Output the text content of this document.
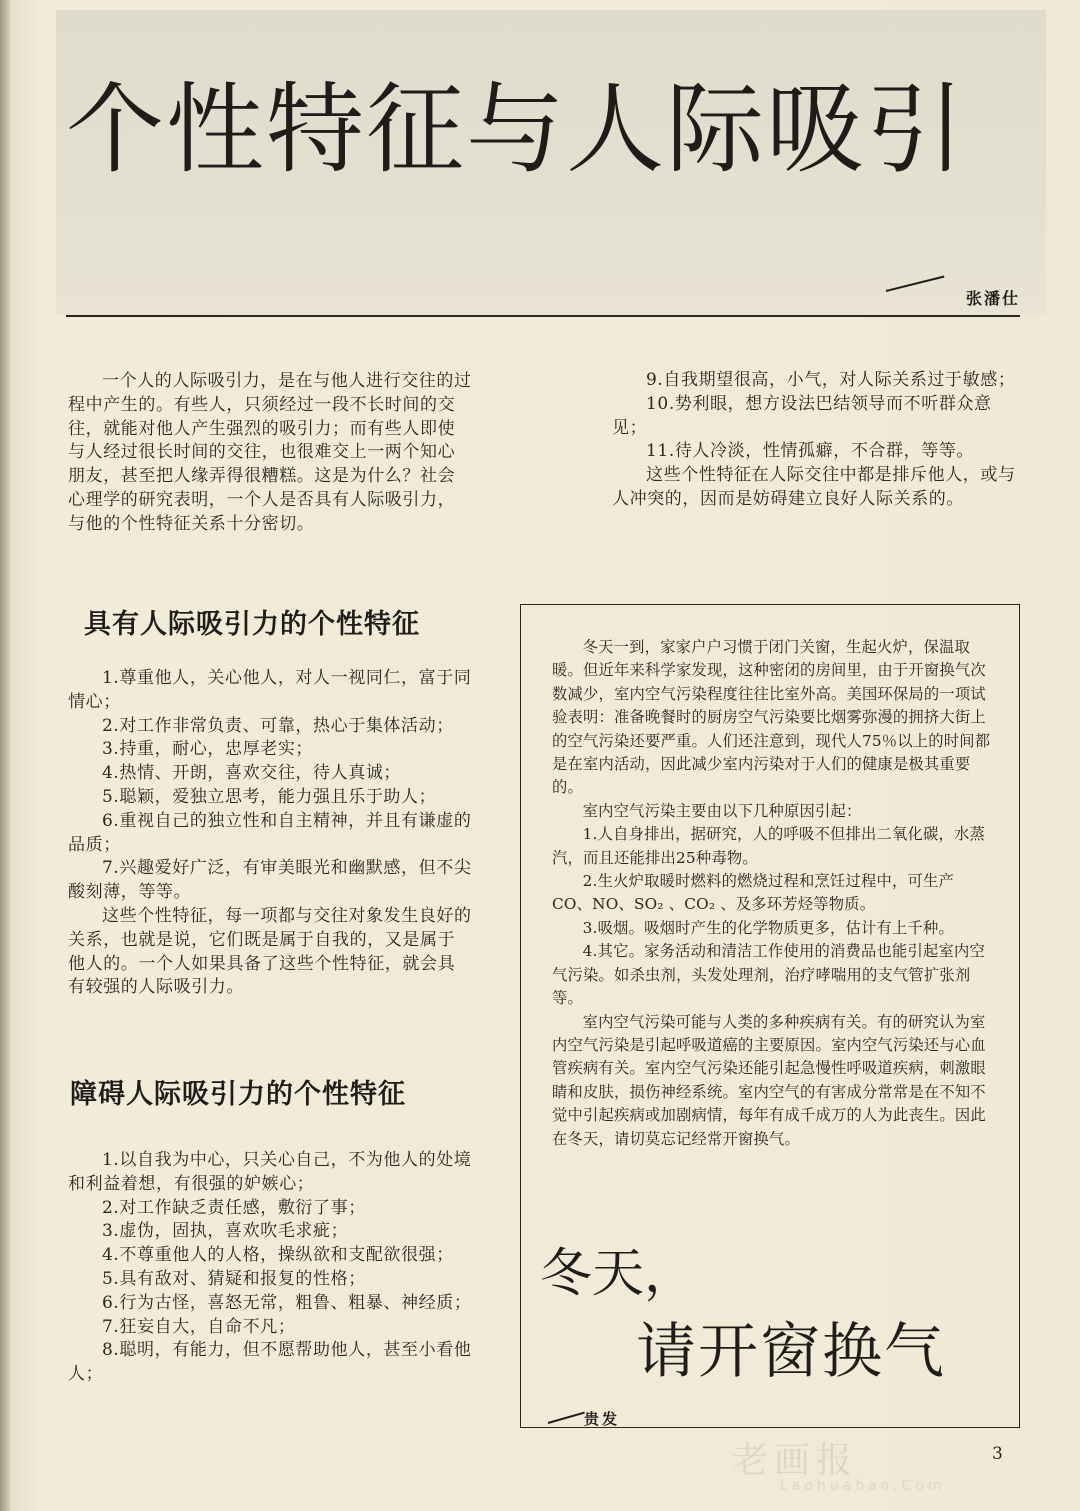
个性特征与人际吸引
张潘仕

一个人的人际吸引力，是在与他人进行交往的过程中产生的。有些人，只须经过一段不长时间的交往，就能对他人产生强烈的吸引力；而有些人即使与人经过很长时间的交往，也很难交上一两个知心朋友，甚至把人缘弄得很糟糕。这是为什么？社会心理学的研究表明，一个人是否具有人际吸引力，与他的个性特征关系十分密切。

具有人际吸引力的个性特征

1.尊重他人，关心他人，对人一视同仁，富于同情心；

2.对工作非常负责、可靠，热心于集体活动；

3.持重，耐心，忠厚老实；

4.热情、开朗，喜欢交往，待人真诚；

5.聪颖，爱独立思考，能力强且乐于助人；

6.重视自己的独立性和自主精神，并且有谦虚的品质；

7.兴趣爱好广泛，有审美眼光和幽默感，但不尖酸刻薄，等等。

这些个性特征，每一项都与交往对象发生良好的关系，也就是说，它们既是属于自我的，又是属于他人的。一个人如果具备了这些个性特征，就会具有较强的人际吸引力。

障碍人际吸引力的个性特征

1.以自我为中心，只关心自己，不为他人的处境和利益着想，有很强的妒嫉心；

2.对工作缺乏责任感，敷衍了事；

3.虚伪，固执，喜欢吹毛求疵；

4.不尊重他人的人格，操纵欲和支配欲很强；

5.具有敌对、猜疑和报复的性格；

6.行为古怪，喜怒无常，粗鲁、粗暴、神经质；

7.狂妄自大，自命不凡；

8.聪明，有能力，但不愿帮助他人，甚至小看他人；

9.自我期望很高，小气，对人际关系过于敏感；

10.势利眼，想方设法巴结领导而不听群众意见；

11.待人冷淡，性情孤癖，不合群，等等。

这些个性特征在人际交往中都是排斥他人，或与人冲突的，因而是妨碍建立良好人际关系的。

冬天一到，家家户户习惯于闭门关窗，生起火炉，保温取暖。但近年来科学家发现，这种密闭的房间里，由于开窗换气次数减少，室内空气污染程度往往比室外高。美国环保局的一项试验表明：准备晚餐时的厨房空气污染要比烟雾弥漫的拥挤大街上的空气污染还要严重。人们还注意到，现代人75％以上的时间都是在室内活动，因此减少室内污染对于人们的健康是极其重要的。

室内空气污染主要由以下几种原因引起：

1.人自身排出，据研究，人的呼吸不但排出二氧化碳，水蒸汽，而且还能排出25种毒物。

2.生火炉取暖时燃料的燃烧过程和烹饪过程中，可生产CO、NO、SO₂ 、CO₂ 、及多环芳烃等物质。

3.吸烟。吸烟时产生的化学物质更多，估计有上千种。

4.其它。家务活动和清洁工作使用的消费品也能引起室内空气污染。如杀虫剂，头发处理剂，治疗哮喘用的支气管扩张剂等。

室内空气污染可能与人类的多种疾病有关。有的研究认为室内空气污染是引起呼吸道癌的主要原因。室内空气污染还与心血管疾病有关。室内空气污染还能引起急慢性呼吸道疾病，刺激眼睛和皮肤，损伤神经系统。室内空气的有害成分常常是在不知不觉中引起疾病或加剧病情，每年有成千成万的人为此丧生。因此在冬天，请切莫忘记经常开窗换气。

冬天，
请开窗换气
贵发
老画报
Laohuabao.Com
3
